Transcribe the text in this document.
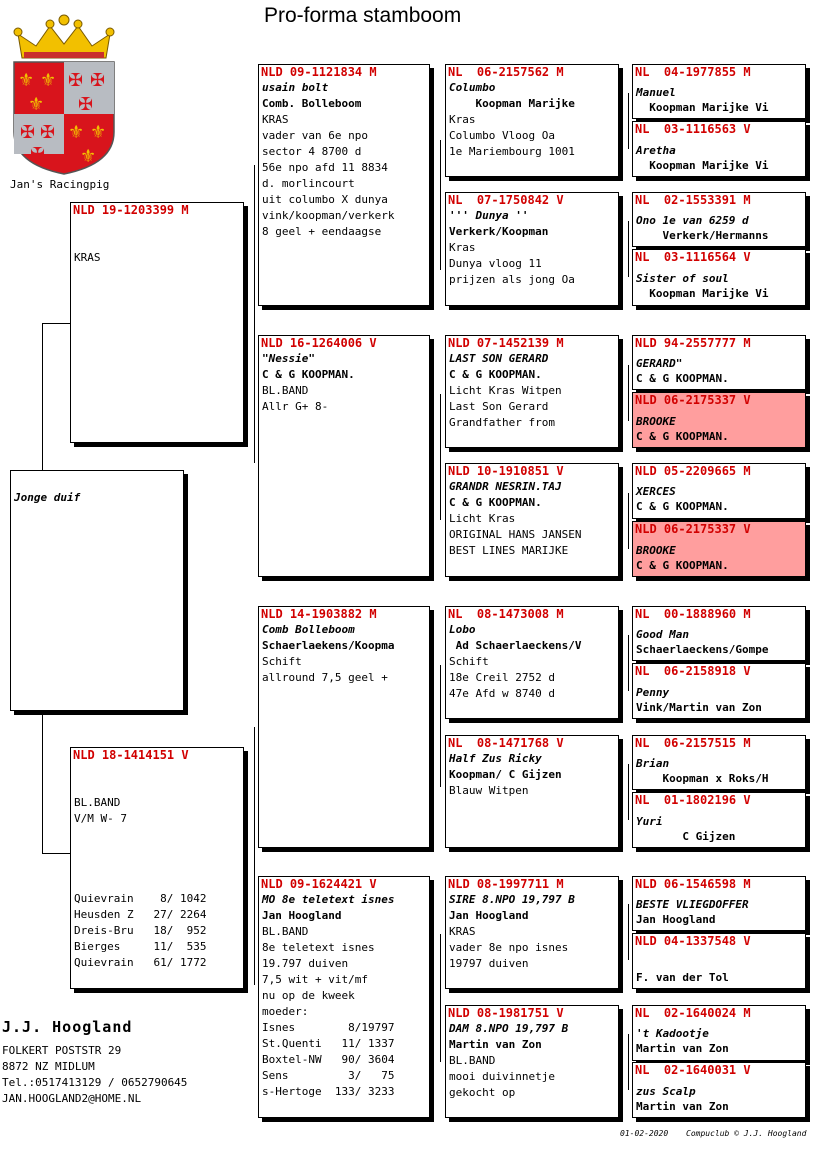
Pro-forma stamboom
⚜ ⚜
⚜
⚜ ⚜
⚜
✠ ✠
✠
✠ ✠
✠
Jan's Racingpig
Jonge duif
NLD 19-1203399 M
KRAS
NLD 18-1414151 V
BL.BAND
V/M W- 7
Quievrain    8/ 1042
Heusden Z   27/ 2264
Dreis-Bru   18/  952
Bierges     11/  535
Quievrain   61/ 1772
NLD 09-1121834 M
usain bolt
Comb. Bolleboom
KRAS
vader van 6e npo
sector 4 8700 d
56e npo afd 11 8834
d. morlincourt
uit columbo X dunya
vink/koopman/verkerk
8 geel + eendaagse
NLD 16-1264006 V
"Nessie"
C & G KOOPMAN.
BL.BAND
Allr G+ 8-
NLD 14-1903882 M
Comb Bolleboom
Schaerlaekens/Koopma
Schift
allround 7,5 geel +
NLD 09-1624421 V
MO 8e teletext isnes
Jan Hoogland
BL.BAND
8e teletext isnes
19.797 duiven
7,5 wit + vit/mf
nu op de kweek
moeder:
Isnes        8/19797
St.Quenti   11/ 1337
Boxtel-NW   90/ 3604
Sens         3/   75
s-Hertoge  133/ 3233
NL  06-2157562 M
Columbo
Koopman Marijke
Kras
Columbo Vloog Oa
1e Mariembourg 1001
NL  07-1750842 V
''' Dunya ''
Verkerk/Koopman
Kras
Dunya vloog 11
prijzen als jong Oa
NLD 07-1452139 M
LAST SON GERARD
C & G KOOPMAN.
Licht Kras Witpen
Last Son Gerard
Grandfather from
NLD 10-1910851 V
GRANDR NESRIN.TAJ
C & G KOOPMAN.
Licht Kras
ORIGINAL HANS JANSEN
BEST LINES MARIJKE
NL  08-1473008 M
Lobo
Ad Schaerlaeckens/V
Schift
18e Creil 2752 d
47e Afd w 8740 d
NL  08-1471768 V
Half Zus Ricky
Koopman/ C Gijzen
Blauw Witpen
NLD 08-1997711 M
SIRE 8.NPO 19,797 B
Jan Hoogland
KRAS
vader 8e npo isnes
19797 duiven
NLD 08-1981751 V
DAM 8.NPO 19,797 B
Martin van Zon
BL.BAND
mooi duivinnetje
gekocht op
NL  04-1977855 M
Manuel
Koopman Marijke Vi
NL  03-1116563 V
Aretha
Koopman Marijke Vi
NL  02-1553391 M
Ono 1e van 6259 d
Verkerk/Hermanns
NL  03-1116564 V
Sister of soul
Koopman Marijke Vi
NLD 94-2557777 M
GERARD"
C & G KOOPMAN.
NLD 06-2175337 V
BROOKE
C & G KOOPMAN.
NLD 05-2209665 M
XERCES
C & G KOOPMAN.
NLD 06-2175337 V
BROOKE
C & G KOOPMAN.
NL  00-1888960 M
Good Man
Schaerlaeckens/Gompe
NL  06-2158918 V
Penny
Vink/Martin van Zon
NL  06-2157515 M
Brian
Koopman x Roks/H
NL  01-1802196 V
Yuri
C Gijzen
NLD 06-1546598 M
BESTE VLIEGDOFFER
Jan Hoogland
NLD 04-1337548 V
F. van der Tol
NL  02-1640024 M
't Kadootje
Martin van Zon
NL  02-1640031 V
zus Scalp
Martin van Zon
J.J. Hoogland
FOLKERT POSTSTR 29
8872 NZ MIDLUM
Tel.:0517413129 / 0652790645
JAN.HOOGLAND2@HOME.NL
01-02-2020 Compuclub © J.J. Hoogland
